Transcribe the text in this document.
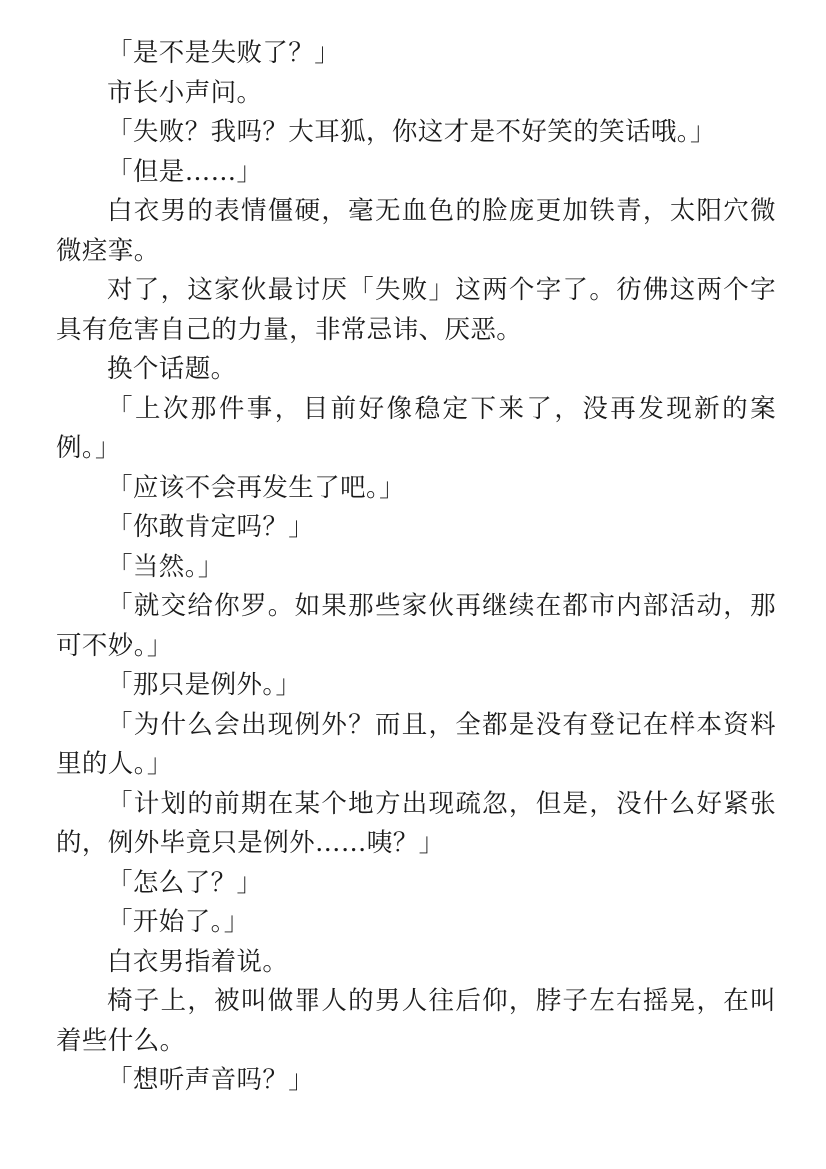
「是不是失败了？」

市长小声问。

「失败？我吗？大耳狐，你这才是不好笑的笑话哦。」

「但是……」

白衣男的表情僵硬，毫无血色的脸庞更加铁青，太阳穴微微痉挛。

对了，这家伙最讨厌「失败」这两个字了。彷佛这两个字具有危害自己的力量，非常忌讳、厌恶。

换个话题。

「上次那件事，目前好像稳定下来了，没再发现新的案例。」

「应该不会再发生了吧。」

「你敢肯定吗？」

「当然。」

「就交给你罗。如果那些家伙再继续在都市内部活动，那可不妙。」

「那只是例外。」

「为什么会出现例外？而且，全都是没有登记在样本资料里的人。」

「计划的前期在某个地方出现疏忽，但是，没什么好紧张的，例外毕竟只是例外……咦？」

「怎么了？」

「开始了。」

白衣男指着说。

椅子上，被叫做罪人的男人往后仰，脖子左右摇晃，在叫着些什么。

「想听声音吗？」
